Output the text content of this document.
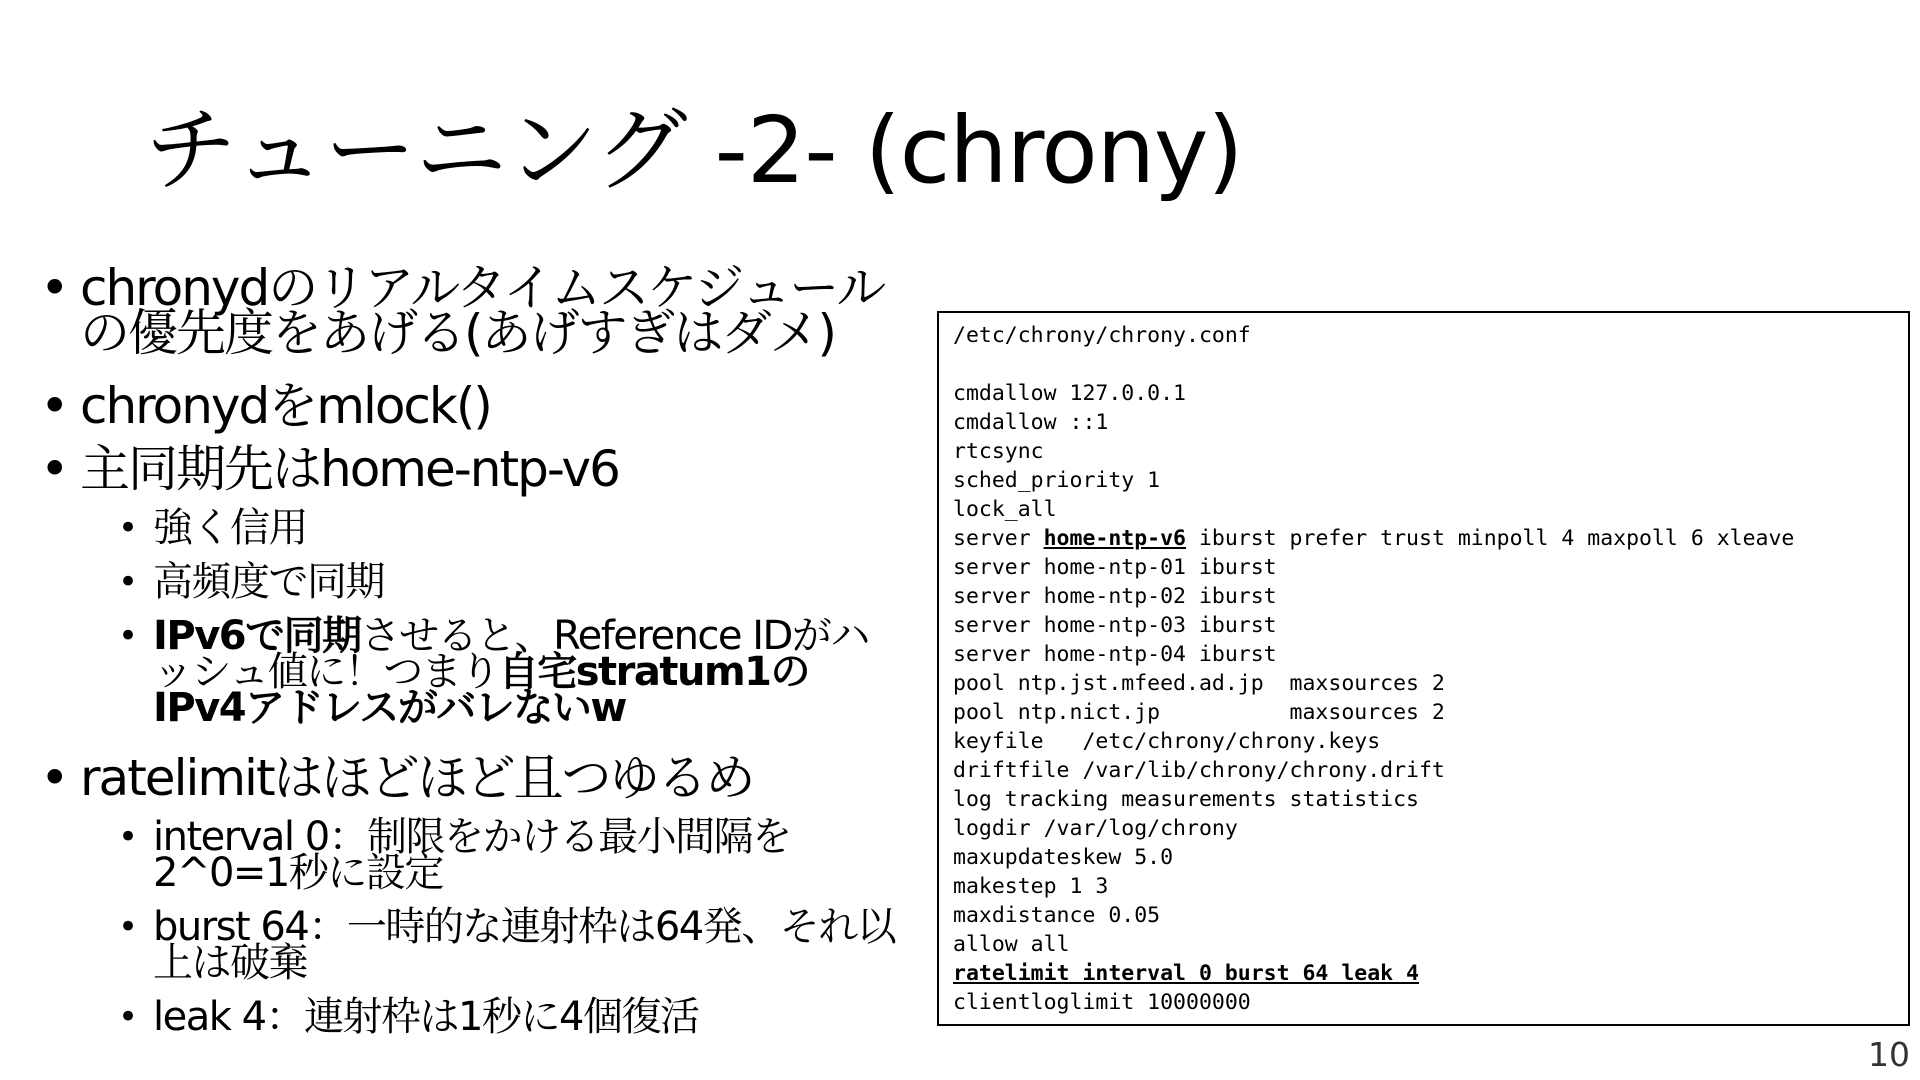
チューニング -2- (chrony)
• chronydのリアルタイムスケジュールの優先度をあげる(あげすぎはダメ)
• chronydをmlock()
• 主同期先はhome-ntp-v6
• 強く信用
• 高頻度で同期
• IPv6で同期させると、Reference IDがハッシュ値に！つまり自宅stratum1のIPv4アドレスがバレないw
• ratelimitはほどほど且つゆるめ
• interval 0：制限をかける最小間隔を2^0=1秒に設定
• burst 64：一時的な連射枠は64発、それ以上は破棄
• leak 4：連射枠は1秒に4個復活
/etc/chrony/chrony.conf
cmdallow 127.0.0.1
cmdallow ::1
rtcsync
sched_priority 1
lock_all
server home-ntp-v6 iburst prefer trust minpoll 4 maxpoll 6 xleave
server home-ntp-01 iburst
server home-ntp-02 iburst
server home-ntp-03 iburst
server home-ntp-04 iburst
pool ntp.jst.mfeed.ad.jp  maxsources 2
pool ntp.nict.jp          maxsources 2
keyfile   /etc/chrony/chrony.keys
driftfile /var/lib/chrony/chrony.drift
log tracking measurements statistics
logdir /var/log/chrony
maxupdateskew 5.0
makestep 1 3
maxdistance 0.05
allow all
ratelimit interval 0 burst 64 leak 4
clientloglimit 10000000
10
